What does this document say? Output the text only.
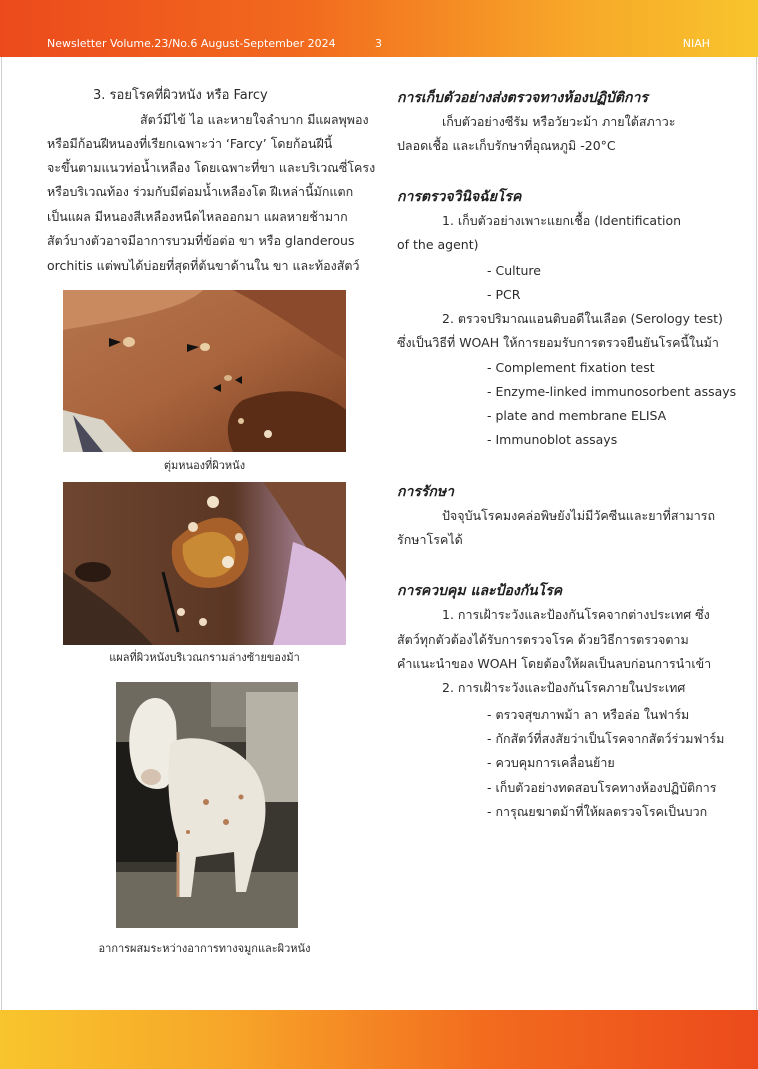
Newsletter Volume.23/No.6 August-September 2024	3	NIAH
3. รอยโรคที่ผิวหนัง หรือ Farcy
สัตว์มีไข้ ไอ และหายใจลำบาก มีแผลพุพอง
หรือมีก้อนฝีหนองที่เรียกเฉพาะว่า ‘Farcy’ โดยก้อนฝีนี้
จะขึ้นตามแนวท่อน้ำเหลือง โดยเฉพาะที่ขา และบริเวณซี่โครง
หรือบริเวณท้อง ร่วมกับมีต่อมน้ำเหลืองโต ฝีเหล่านี้มักแตก
เป็นแผล มีหนองสีเหลืองหนืดไหลออกมา แผลหายช้ามาก
สัตว์บางตัวอาจมีอาการบวมที่ข้อต่อ ขา หรือ glanderous
orchitis แต่พบได้บ่อยที่สุดที่ต้นขาด้านใน ขา และท้องสัตว์
ตุ่มหนองที่ผิวหนัง
แผลที่ผิวหนังบริเวณกรามล่างซ้ายของม้า
อาการผสมระหว่างอาการทางจมูกและผิวหนัง
การเก็บตัวอย่างส่งตรวจทางห้องปฏิบัติการ
เก็บตัวอย่างซีรัม หรือวัยวะม้า ภายใต้สภาวะ
ปลอดเชื้อ และเก็บรักษาที่อุณหภูมิ -20°C
การตรวจวินิจฉัยโรค
1. เก็บตัวอย่างเพาะแยกเชื้อ (Identification
of the agent)
- Culture
- PCR
2. ตรวจปริมาณแอนติบอดีในเลือด (Serology test)
ซึ่งเป็นวิธีที่ WOAH ให้การยอมรับการตรวจยืนยันโรคนี้ในม้า
- Complement fixation test
- Enzyme-linked immunosorbent assays
- plate and membrane ELISA
- Immunoblot assays
การรักษา
ปัจจุบันโรคมงคล่อพิษยังไม่มีวัคซีนและยาที่สามารถ
รักษาโรคได้
การควบคุม และป้องกันโรค
1. การเฝ้าระวังและป้องกันโรคจากต่างประเทศ ซึ่ง
สัตว์ทุกตัวต้องได้รับการตรวจโรค ด้วยวิธีการตรวจตาม
คำแนะนำของ WOAH โดยต้องให้ผลเป็นลบก่อนการนำเข้า
2. การเฝ้าระวังและป้องกันโรคภายในประเทศ
- ตรวจสุขภาพม้า ลา หรือล่อ ในฟาร์ม
- กักสัตว์ที่สงสัยว่าเป็นโรคจากสัตว์ร่วมฟาร์ม
- ควบคุมการเคลื่อนย้าย
- เก็บตัวอย่างทดสอบโรคทางห้องปฏิบัติการ
- การุณยฆาตม้าที่ให้ผลตรวจโรคเป็นบวก
